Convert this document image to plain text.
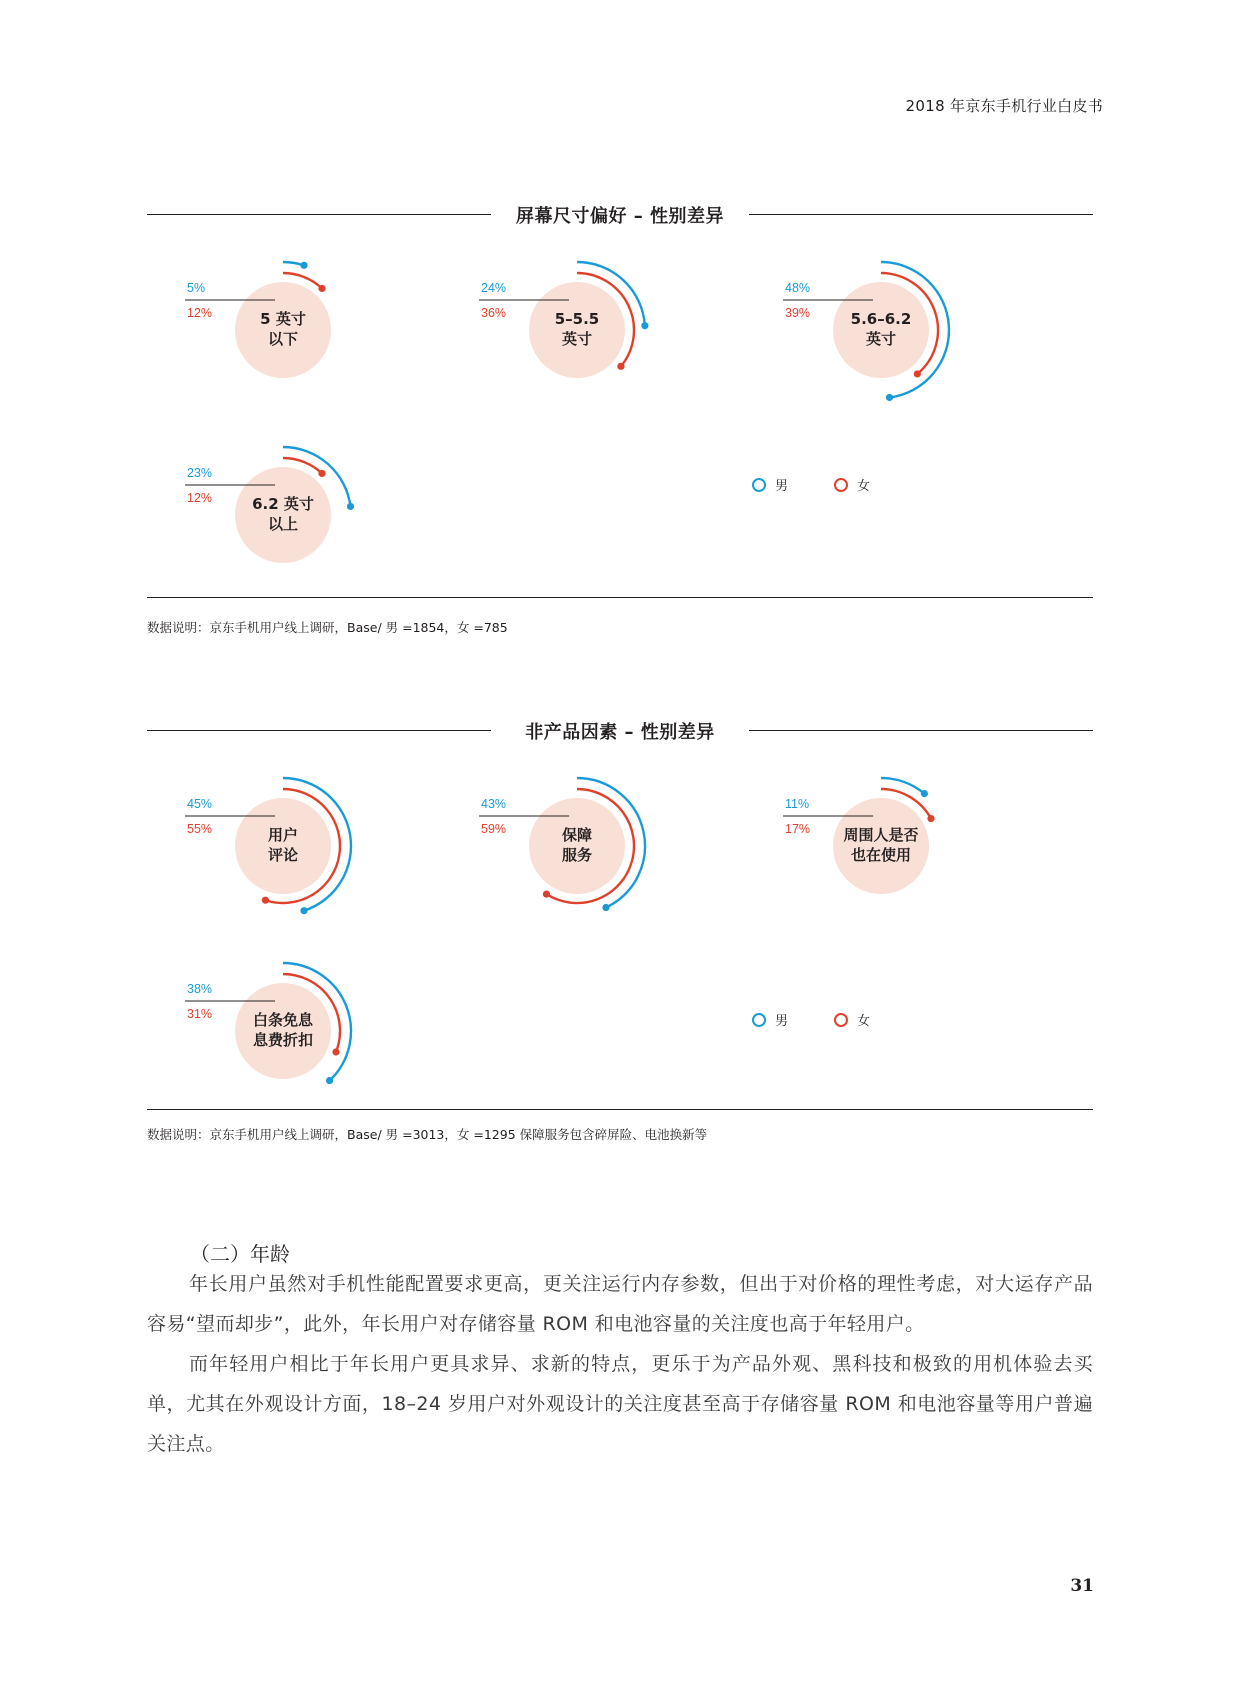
2018 年京东手机行业白皮书
屏幕尺寸偏好 – 性别差异
5%
12%	5 英寸
以下
24%
36%	5–5.5
英寸
48%
39%	5.6–6.2
英寸
23%
12%	6.2 英寸
以上
男	女
数据说明：京东手机用户线上调研，Base/ 男 =1854，女 =785
非产品因素 – 性别差异
45%
55%	用户
评论
43%
59%	保障
服务
11%
17% 周围人是否
也在使用
38%
31%	白条免息
息费折扣
男	女
数据说明：京东手机用户线上调研，Base/ 男 =3013，女 =1295 保障服务包含碎屏险、电池换新等
（二）年龄

年长用户虽然对手机性能配置要求更高，更关注运行内存参数，但出于对价格的理性考虑，对大运存产品容易“望而却步”，此外，年长用户对存储容量 ROM 和电池容量的关注度也高于年轻用户。

而年轻用户相比于年长用户更具求异、求新的特点，更乐于为产品外观、黑科技和极致的用机体验去买单，尤其在外观设计方面，18–24 岁用户对外观设计的关注度甚至高于存储容量 ROM 和电池容量等用户普遍关注点。

31
